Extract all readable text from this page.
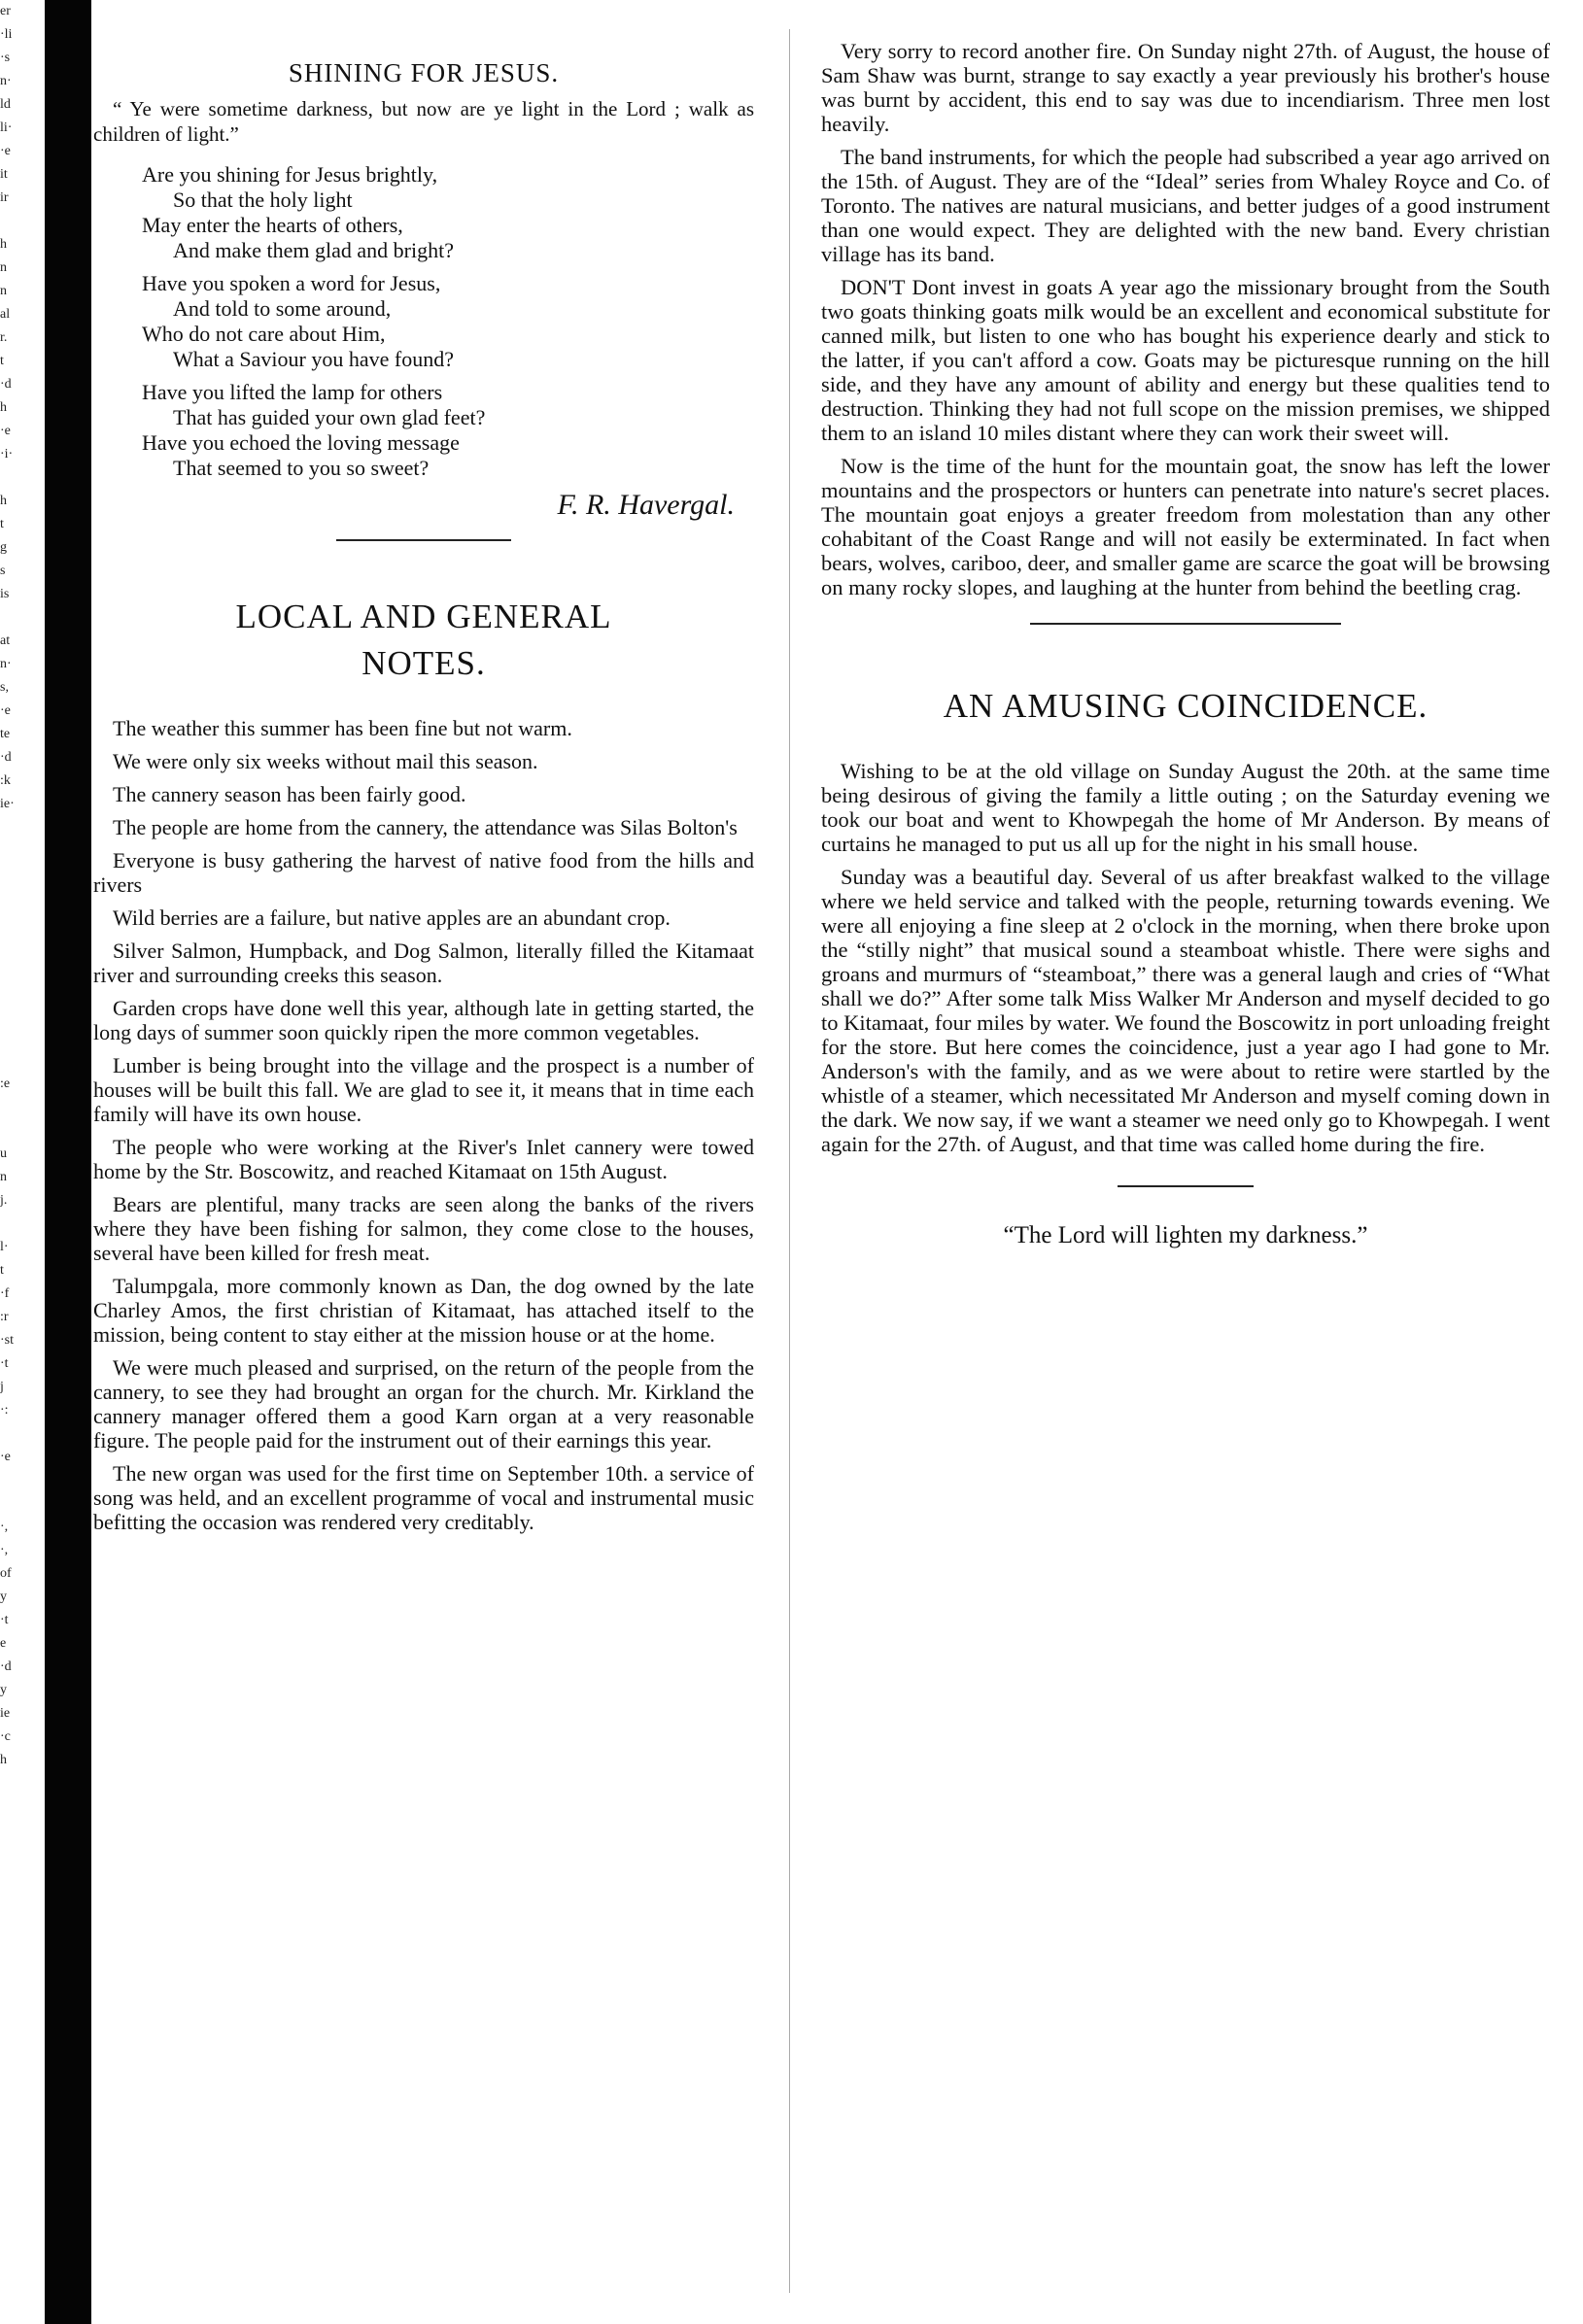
er
·li
·s
n·
ld
li·
·e
it
ir
h
n
n
al
r.
t
·d
h
·e
·i·
h
t
g
s
is
at
n·
s,
·e
te
·d
:k
ie·
:e
u
n
j.
l·
t
·f
:r
·st
·t
j
·:
·e
·,
·,
of
y
·t
e
·d
y
ie
·c
h
SHINING FOR JESUS.
“ Ye were sometime darkness, but now are ye light in the Lord ; walk as children of light.”
Are you shining for Jesus brightly,
So that the holy light
May enter the hearts of others,
And make them glad and bright?
Have you spoken a word for Jesus,
And told to some around,
Who do not care about Him,
What a Saviour you have found?
Have you lifted the lamp for others
That has guided your own glad feet?
Have you echoed the loving message
That seemed to you so sweet?
F. R. Havergal.
LOCAL AND GENERAL
NOTES.

The weather this summer has been fine but not warm.

We were only six weeks without mail this season.

The cannery season has been fairly good.

The people are home from the cannery, the attendance was Silas Bolton's

Everyone is busy gathering the harvest of native food from the hills and rivers

Wild berries are a failure, but native apples are an abundant crop.

Silver Salmon, Humpback, and Dog Salmon, literally filled the Kitamaat river and surrounding creeks this season.

Garden crops have done well this year, although late in getting started, the long days of summer soon quickly ripen the more common vegetables.

Lumber is being brought into the village and the prospect is a number of houses will be built this fall. We are glad to see it, it means that in time each family will have its own house.

The people who were working at the River's Inlet cannery were towed home by the Str. Boscowitz, and reached Kitamaat on 15th August.

Bears are plentiful, many tracks are seen along the banks of the rivers where they have been fishing for salmon, they come close to the houses, several have been killed for fresh meat.

Talumpgala, more commonly known as Dan, the dog owned by the late Charley Amos, the first christian of Kitamaat, has attached itself to the mission, being content to stay either at the mission house or at the home.

We were much pleased and surprised, on the return of the people from the cannery, to see they had brought an organ for the church. Mr. Kirkland the cannery manager offered them a good Karn organ at a very reasonable figure. The people paid for the instrument out of their earnings this year.

The new organ was used for the first time on September 10th. a service of song was held, and an excellent programme of vocal and instrumental music befitting the occasion was rendered very creditably.

Very sorry to record another fire. On Sunday night 27th. of August, the house of Sam Shaw was burnt, strange to say exactly a year previously his brother's house was burnt by accident, this end to say was due to incendiarism. Three men lost heavily.

The band instruments, for which the people had subscribed a year ago arrived on the 15th. of August. They are of the “Ideal” series from Whaley Royce and Co. of Toronto. The natives are natural musicians, and better judges of a good instrument than one would expect. They are delighted with the new band. Every christian village has its band.

DON'T Dont invest in goats A year ago the missionary brought from the South two goats thinking goats milk would be an excellent and economical substitute for canned milk, but listen to one who has bought his experience dearly and stick to the latter, if you can't afford a cow. Goats may be picturesque running on the hill side, and they have any amount of ability and energy but these qualities tend to destruction. Thinking they had not full scope on the mission premises, we shipped them to an island 10 miles distant where they can work their sweet will.

Now is the time of the hunt for the mountain goat, the snow has left the lower mountains and the prospectors or hunters can penetrate into nature's secret places. The mountain goat enjoys a greater freedom from molestation than any other cohabitant of the Coast Range and will not easily be exterminated. In fact when bears, wolves, cariboo, deer, and smaller game are scarce the goat will be browsing on many rocky slopes, and laughing at the hunter from behind the beetling crag.

AN AMUSING COINCIDENCE.

Wishing to be at the old village on Sunday August the 20th. at the same time being desirous of giving the family a little outing ; on the Saturday evening we took our boat and went to Khowpegah the home of Mr Anderson. By means of curtains he managed to put us all up for the night in his small house.

Sunday was a beautiful day. Several of us after breakfast walked to the village where we held service and talked with the people, returning towards evening. We were all enjoying a fine sleep at 2 o'clock in the morning, when there broke upon the “stilly night” that musical sound a steamboat whistle. There were sighs and groans and murmurs of “steamboat,” there was a general laugh and cries of “What shall we do?” After some talk Miss Walker Mr Anderson and myself decided to go to Kitamaat, four miles by water. We found the Boscowitz in port unloading freight for the store. But here comes the coincidence, just a year ago I had gone to Mr. Anderson's with the family, and as we were about to retire were startled by the whistle of a steamer, which necessitated Mr Anderson and myself coming down in the dark. We now say, if we want a steamer we need only go to Khowpegah. I went again for the 27th. of August, and that time was called home during the fire.

“The Lord will lighten my darkness.”
